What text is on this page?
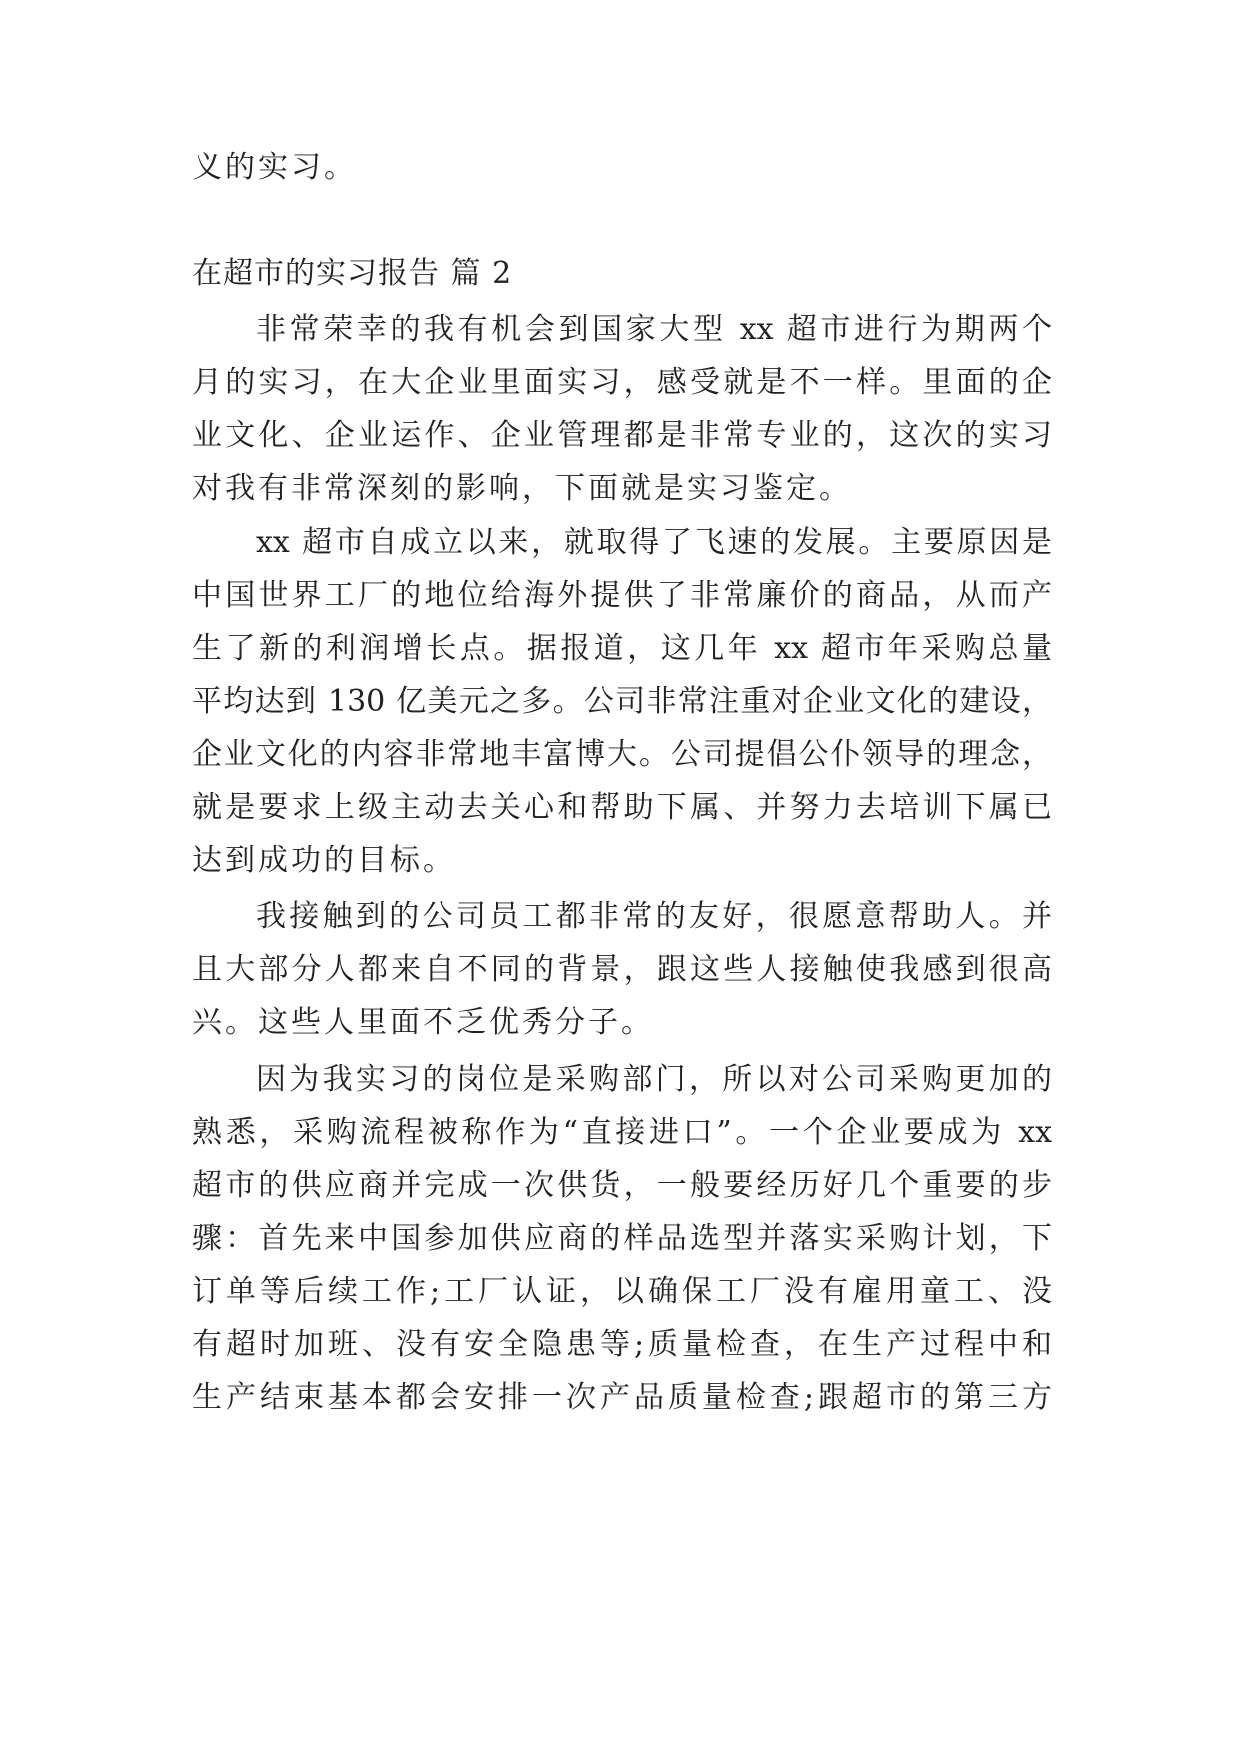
义的实习。
在超市的实习报告 篇 2
非常荣幸的我有机会到国家大型 xx 超市进行为期两个
月的实习，在大企业里面实习，感受就是不一样。里面的企
业文化、企业运作、企业管理都是非常专业的，这次的实习
对我有非常深刻的影响，下面就是实习鉴定。
xx 超市自成立以来，就取得了飞速的发展。主要原因是
中国世界工厂的地位给海外提供了非常廉价的商品，从而产
生了新的利润增长点。据报道，这几年 xx 超市年采购总量
平均达到 130 亿美元之多。公司非常注重对企业文化的建设，
企业文化的内容非常地丰富博大。公司提倡公仆领导的理念，
就是要求上级主动去关心和帮助下属、并努力去培训下属已
达到成功的目标。
我接触到的公司员工都非常的友好，很愿意帮助人。并
且大部分人都来自不同的背景，跟这些人接触使我感到很高
兴。这些人里面不乏优秀分子。
因为我实习的岗位是采购部门，所以对公司采购更加的
熟悉，采购流程被称作为“直接进口”。一个企业要成为 xx
超市的供应商并完成一次供货，一般要经历好几个重要的步
骤：首先来中国参加供应商的样品选型并落实采购计划，下
订单等后续工作;工厂认证，以确保工厂没有雇用童工、没
有超时加班、没有安全隐患等;质量检查，在生产过程中和
生产结束基本都会安排一次产品质量检查;跟超市的第三方
